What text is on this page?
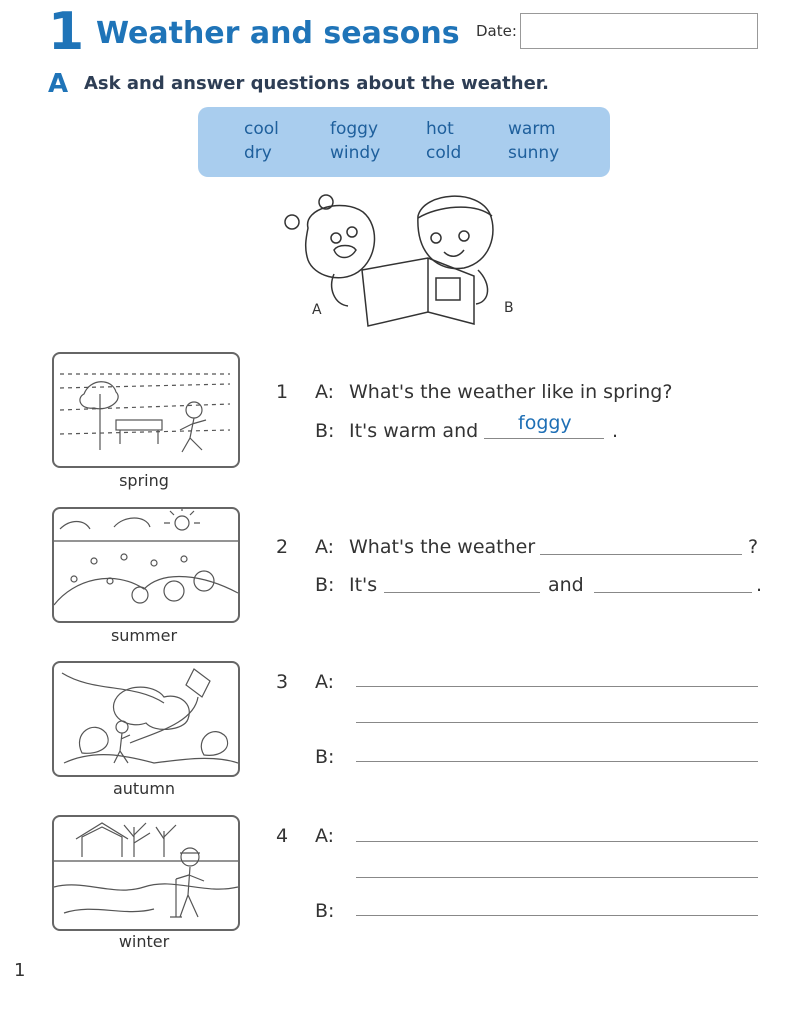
1 Weather and seasons Date:
A Ask and answer questions about the weather.
cool	foggy	hot	warm
dry	windy	cold	sunny
A	B
spring
summer
autumn
winter
1 A: What's the weather like in spring?
B: It's warm and foggy .
2 A: What's the weather	?
B: It's	and	.
3 A:
B:
4 A:
B:
1
